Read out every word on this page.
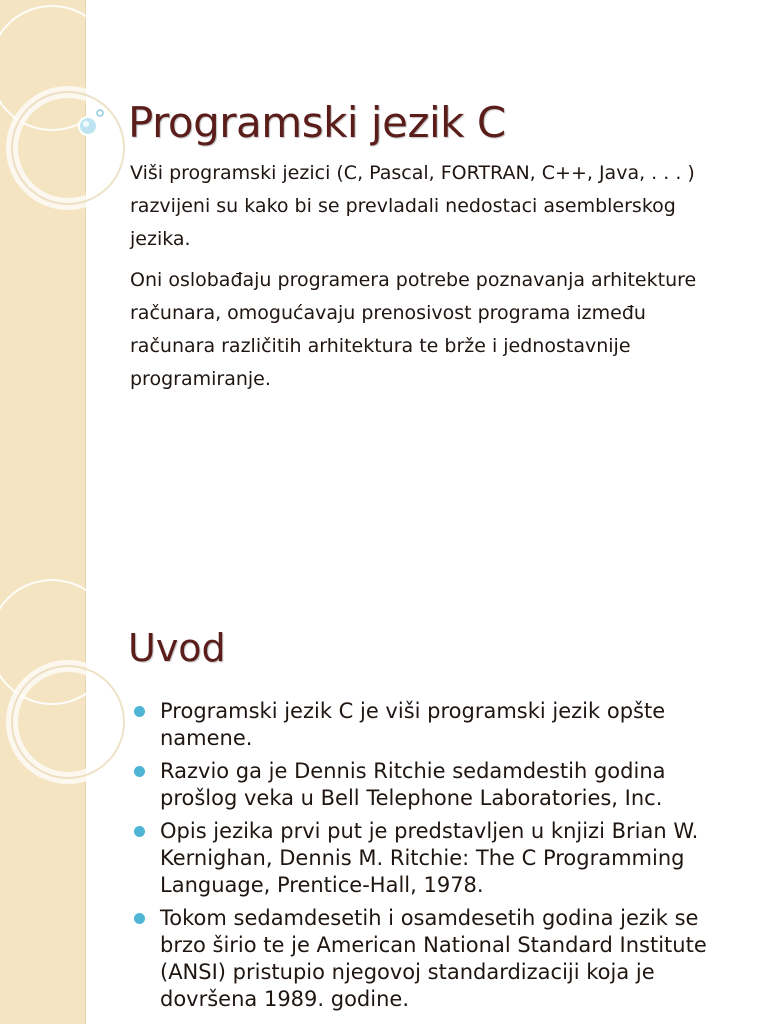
Programski jezik C

Viši programski jezici (C, Pascal, FORTRAN, C++, Java, . . . ) razvijeni su kako bi se prevladali nedostaci asemblerskog jezika.

Oni oslobađaju programera potrebe poznavanja arhitekture računara, omogućavaju prenosivost programa između računara različitih arhitektura te brže i jednostavnije programiranje.

Uvod
Programski jezik C je viši programski jezik opšte namene.
Razvio ga je Dennis Ritchie sedamdestih godina prošlog veka u Bell Telephone Laboratories, Inc.
Opis jezika prvi put je predstavljen u knjizi Brian W. Kernighan, Dennis M. Ritchie: The C Programming Language, Prentice-Hall, 1978.
Tokom sedamdesetih i osamdesetih godina jezik se brzo širio te je American National Standard Institute (ANSI) pristupio njegovoj standardizaciji koja je dovršena 1989. godine.
